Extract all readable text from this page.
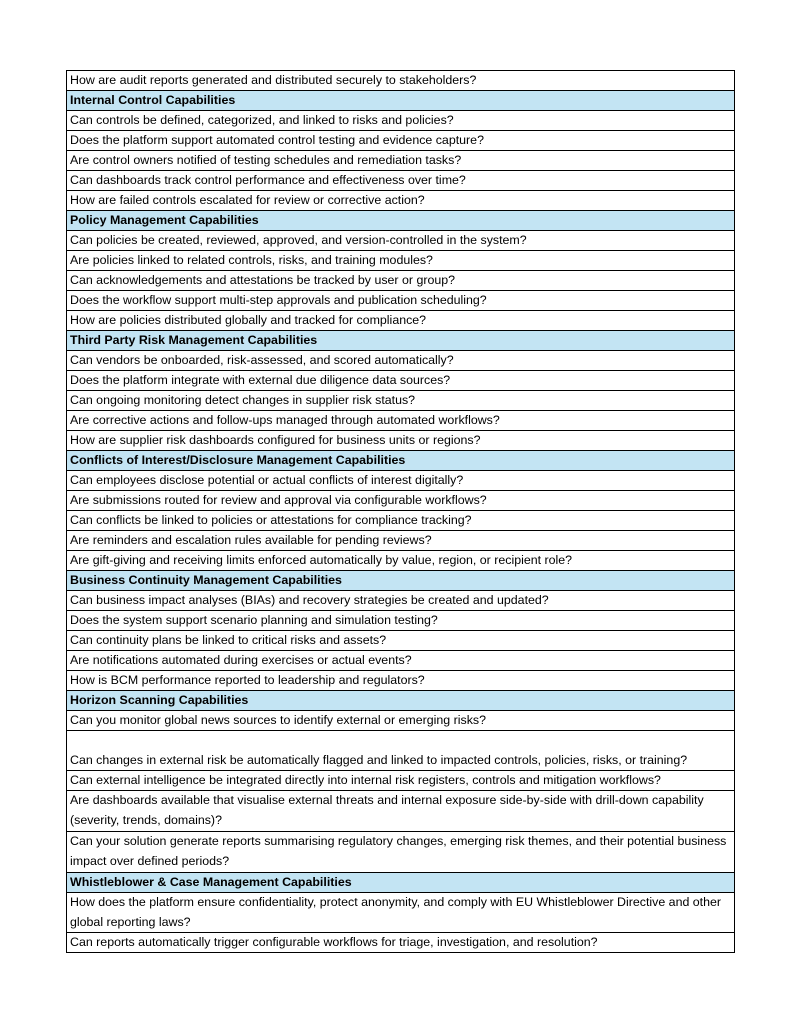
How are audit reports generated and distributed securely to stakeholders?
Internal Control Capabilities
Can controls be defined, categorized, and linked to risks and policies?
Does the platform support automated control testing and evidence capture?
Are control owners notified of testing schedules and remediation tasks?
Can dashboards track control performance and effectiveness over time?
How are failed controls escalated for review or corrective action?
Policy Management Capabilities
Can policies be created, reviewed, approved, and version-controlled in the system?
Are policies linked to related controls, risks, and training modules?
Can acknowledgements and attestations be tracked by user or group?
Does the workflow support multi-step approvals and publication scheduling?
How are policies distributed globally and tracked for compliance?
Third Party Risk Management Capabilities
Can vendors be onboarded, risk-assessed, and scored automatically?
Does the platform integrate with external due diligence data sources?
Can ongoing monitoring detect changes in supplier risk status?
Are corrective actions and follow-ups managed through automated workflows?
How are supplier risk dashboards configured for business units or regions?
Conflicts of Interest/Disclosure Management Capabilities
Can employees disclose potential or actual conflicts of interest digitally?
Are submissions routed for review and approval via configurable workflows?
Can conflicts be linked to policies or attestations for compliance tracking?
Are reminders and escalation rules available for pending reviews?
Are gift-giving and receiving limits enforced automatically by value, region, or recipient role?
Business Continuity Management Capabilities
Can business impact analyses (BIAs) and recovery strategies be created and updated?
Does the system support scenario planning and simulation testing?
Can continuity plans be linked to critical risks and assets?
Are notifications automated during exercises or actual events?
How is BCM performance reported to leadership and regulators?
Horizon Scanning Capabilities
Can you monitor global news sources to identify external or emerging risks?
Can changes in external risk be automatically flagged and linked to impacted controls, policies, risks, or training?
Can external intelligence be integrated directly into internal risk registers, controls and mitigation workflows?
Are dashboards available that visualise external threats and internal exposure side-by-side with drill-down capability (severity, trends, domains)?
Can your solution generate reports summarising regulatory changes, emerging risk themes, and their potential business impact over defined periods?
Whistleblower & Case Management Capabilities
How does the platform ensure confidentiality, protect anonymity, and comply with EU Whistleblower Directive and other global reporting laws?
Can reports automatically trigger configurable workflows for triage, investigation, and resolution?
